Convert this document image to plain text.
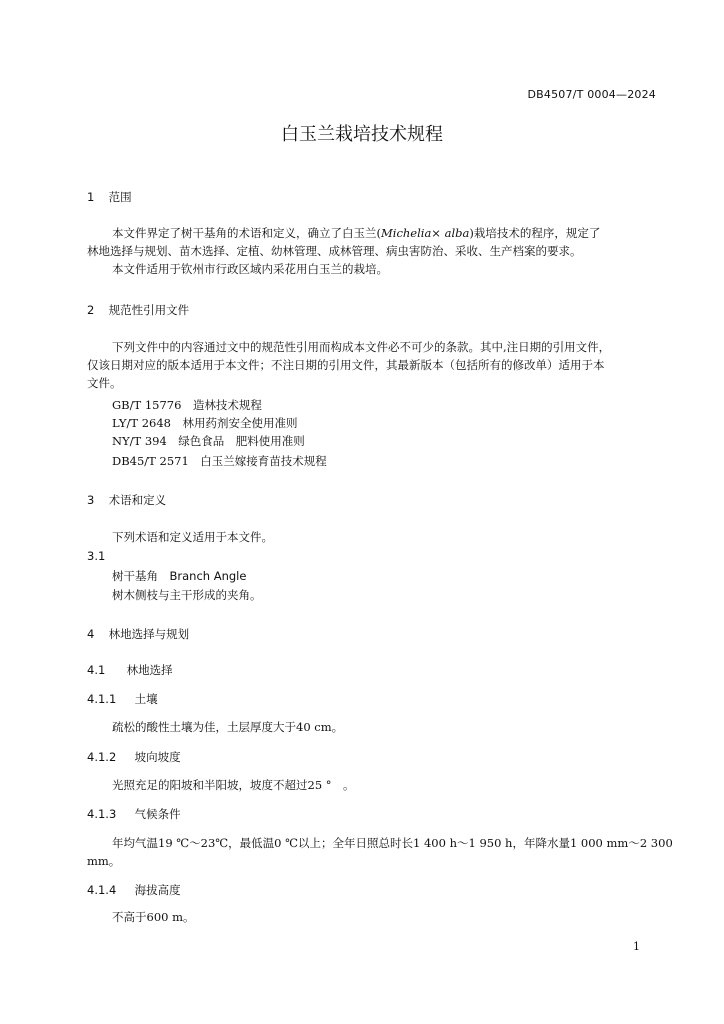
DB4507/T 0004—2024
白玉兰栽培技术规程
1 范围
本文件界定了树干基角的术语和定义，确立了白玉兰(Michelia× alba)栽培技术的程序，规定了
林地选择与规划、苗木选择、定植、幼林管理、成林管理、病虫害防治、采收、生产档案的要求。
本文件适用于钦州市行政区域内采花用白玉兰的栽培。
2 规范性引用文件
下列文件中的内容通过文中的规范性引用而构成本文件必不可少的条款。其中,注日期的引用文件，
仅该日期对应的版本适用于本文件；不注日期的引用文件，其最新版本（包括所有的修改单）适用于本
文件。
GB/T 15776　造林技术规程
LY/T 2648　林用药剂安全使用准则
NY/T 394　绿色食品　肥料使用准则
DB45/T 2571　白玉兰嫁接育苗技术规程
3 术语和定义
下列术语和定义适用于本文件。
3.1
树干基角　Branch Angle
树木侧枝与主干形成的夹角。
4 林地选择与规划
4.1 林地选择
4.1.1 土壤
疏松的酸性土壤为佳，土层厚度大于40 cm。
4.1.2 坡向坡度
光照充足的阳坡和半阳坡，坡度不超过25 °　。
4.1.3 气候条件
年均气温19 ℃～23℃，最低温0 ℃以上；全年日照总时长1 400 h～1 950 h，年降水量1 000 mm～2 300
mm。
4.1.4 海拔高度
不高于600 m。
1
